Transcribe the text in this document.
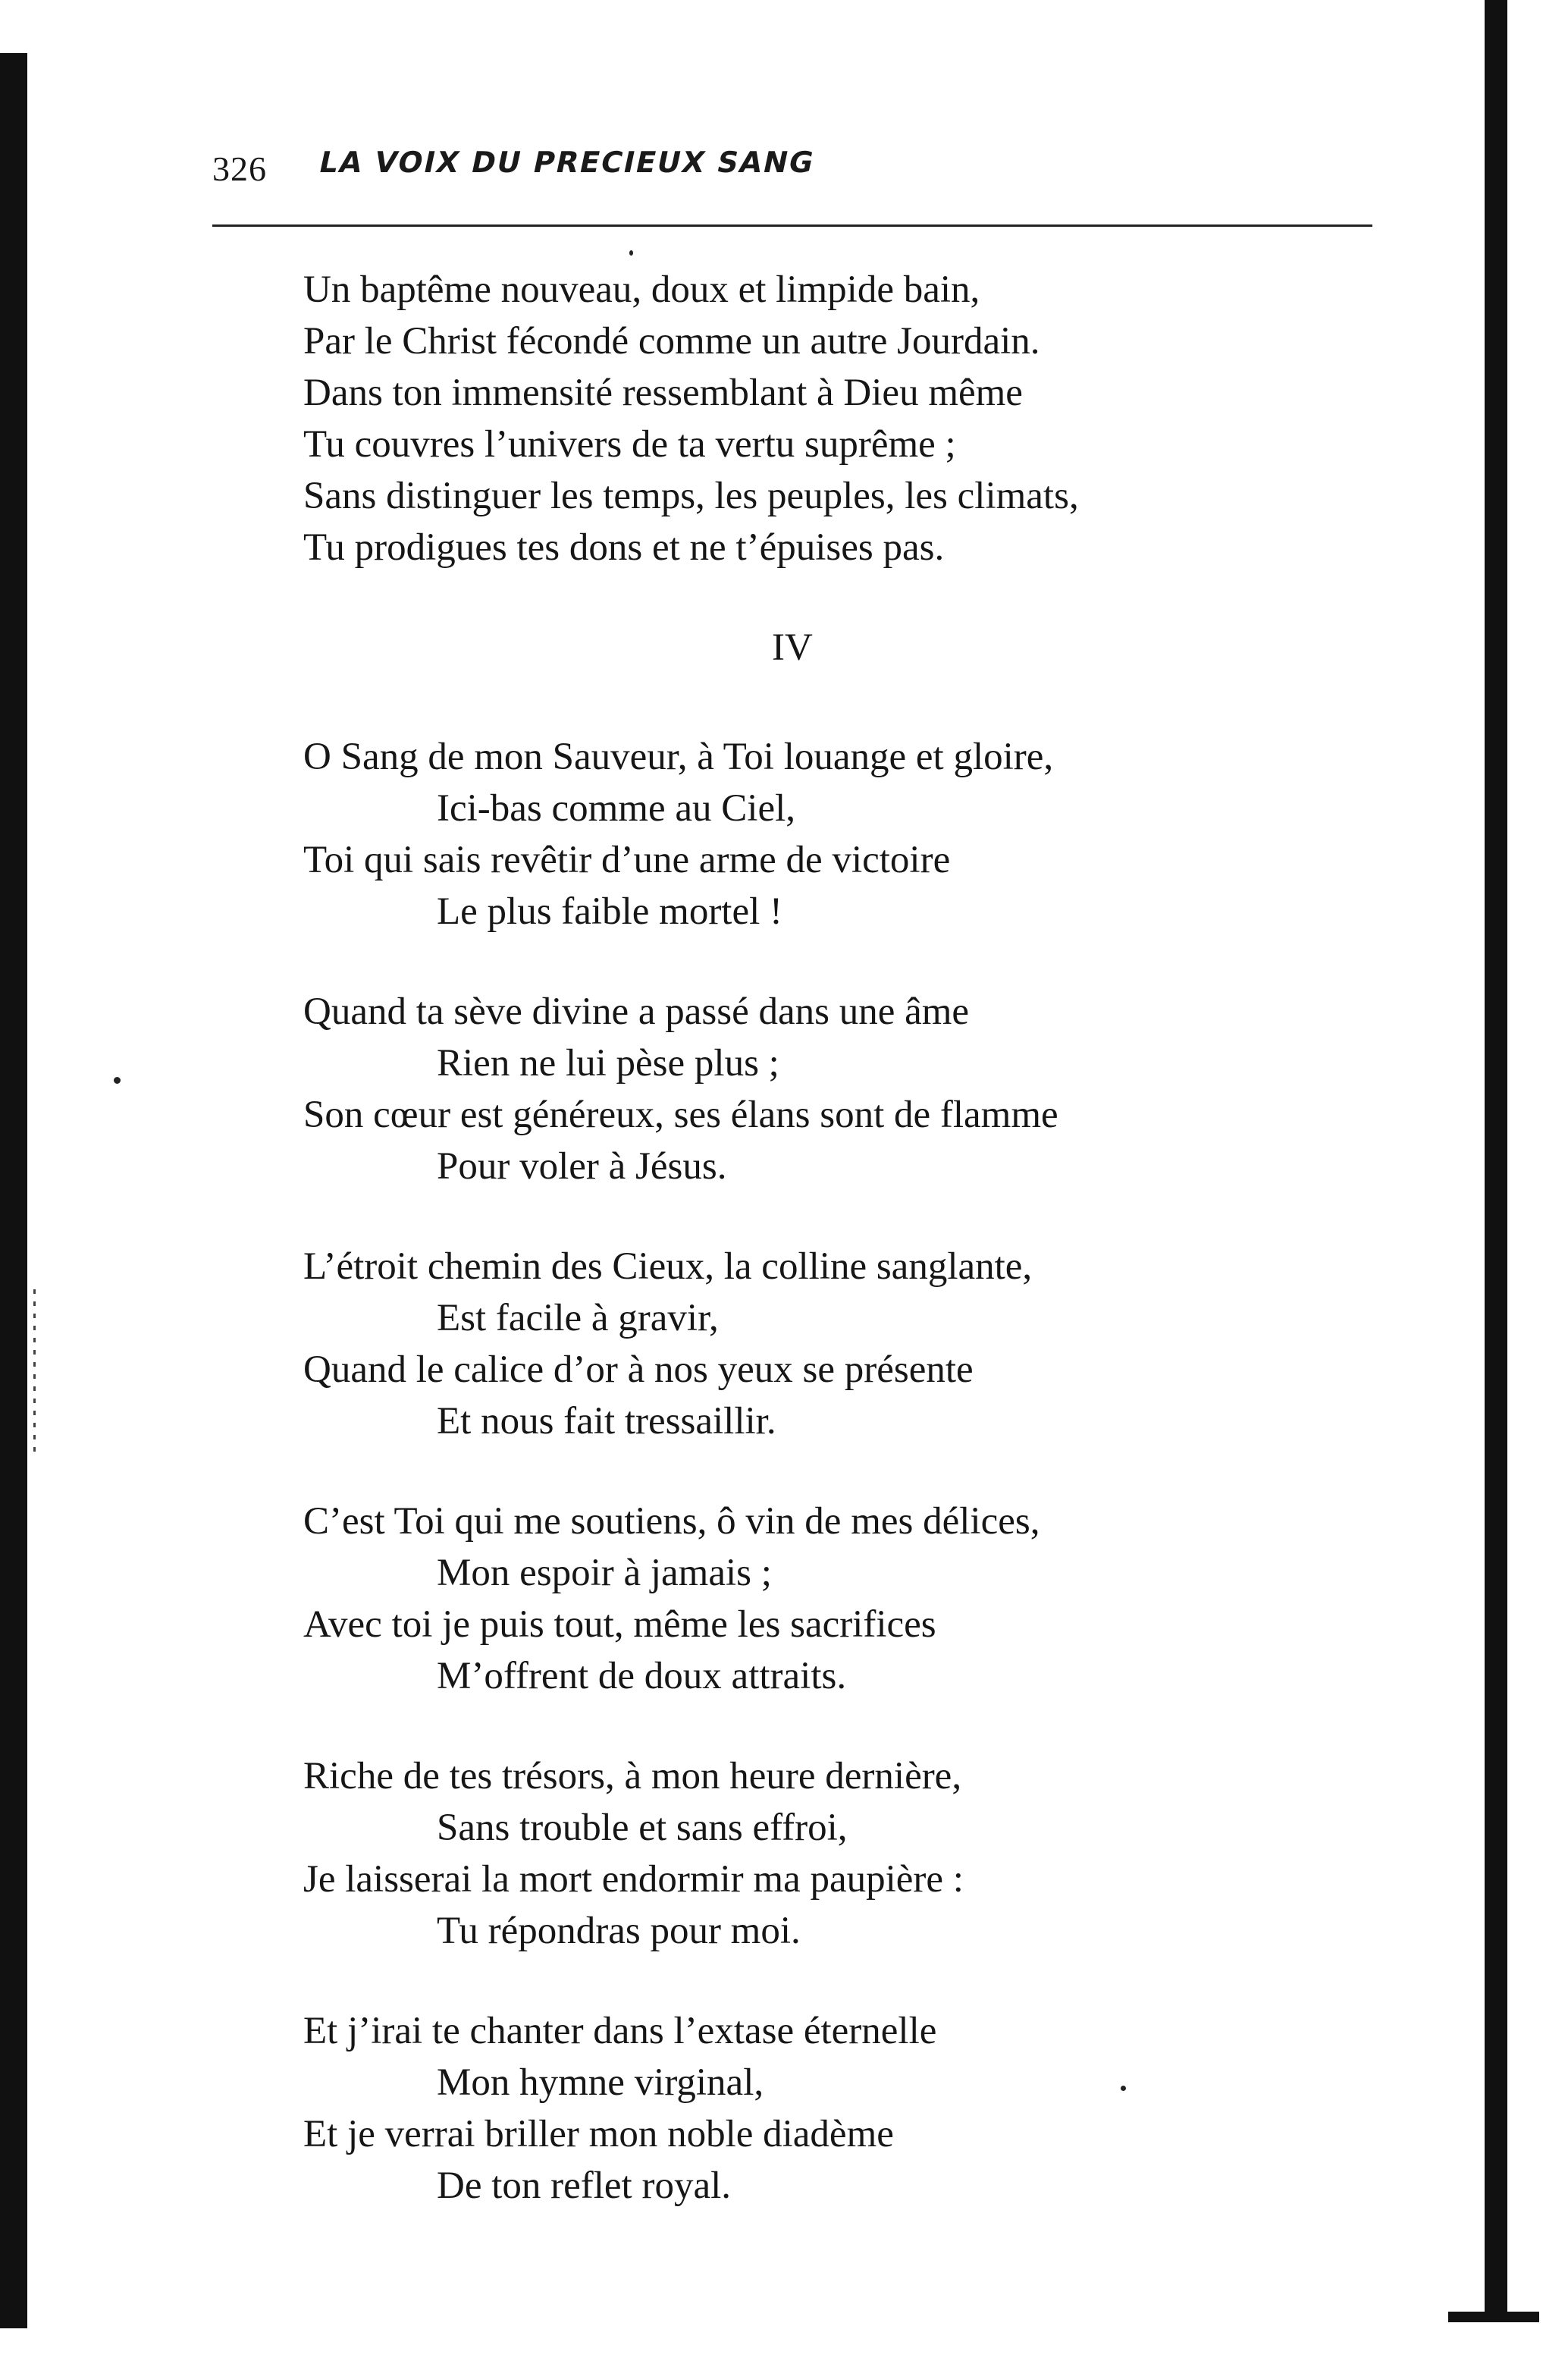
326 LA VOIX DU PRECIEUX SANG
Un baptême nouveau, doux et limpide bain,
Par le Christ fécondé comme un autre Jourdain.
Dans ton immensité ressemblant à Dieu même
Tu couvres l’univers de ta vertu suprême ;
Sans distinguer les temps, les peuples, les climats,
Tu prodigues tes dons et ne t’épuises pas.
IV
O Sang de mon Sauveur, à Toi louange et gloire,
Ici-bas comme au Ciel,
Toi qui sais revêtir d’une arme de victoire
Le plus faible mortel !
Quand ta sève divine a passé dans une âme
Rien ne lui pèse plus ;
Son cœur est généreux, ses élans sont de flamme
Pour voler à Jésus.
L’étroit chemin des Cieux, la colline sanglante,
Est facile à gravir,
Quand le calice d’or à nos yeux se présente
Et nous fait tressaillir.
C’est Toi qui me soutiens, ô vin de mes délices,
Mon espoir à jamais ;
Avec toi je puis tout, même les sacrifices
M’offrent de doux attraits.
Riche de tes trésors, à mon heure dernière,
Sans trouble et sans effroi,
Je laisserai la mort endormir ma paupière :
Tu répondras pour moi.
Et j’irai te chanter dans l’extase éternelle
Mon hymne virginal,
Et je verrai briller mon noble diadème
De ton reflet royal.
